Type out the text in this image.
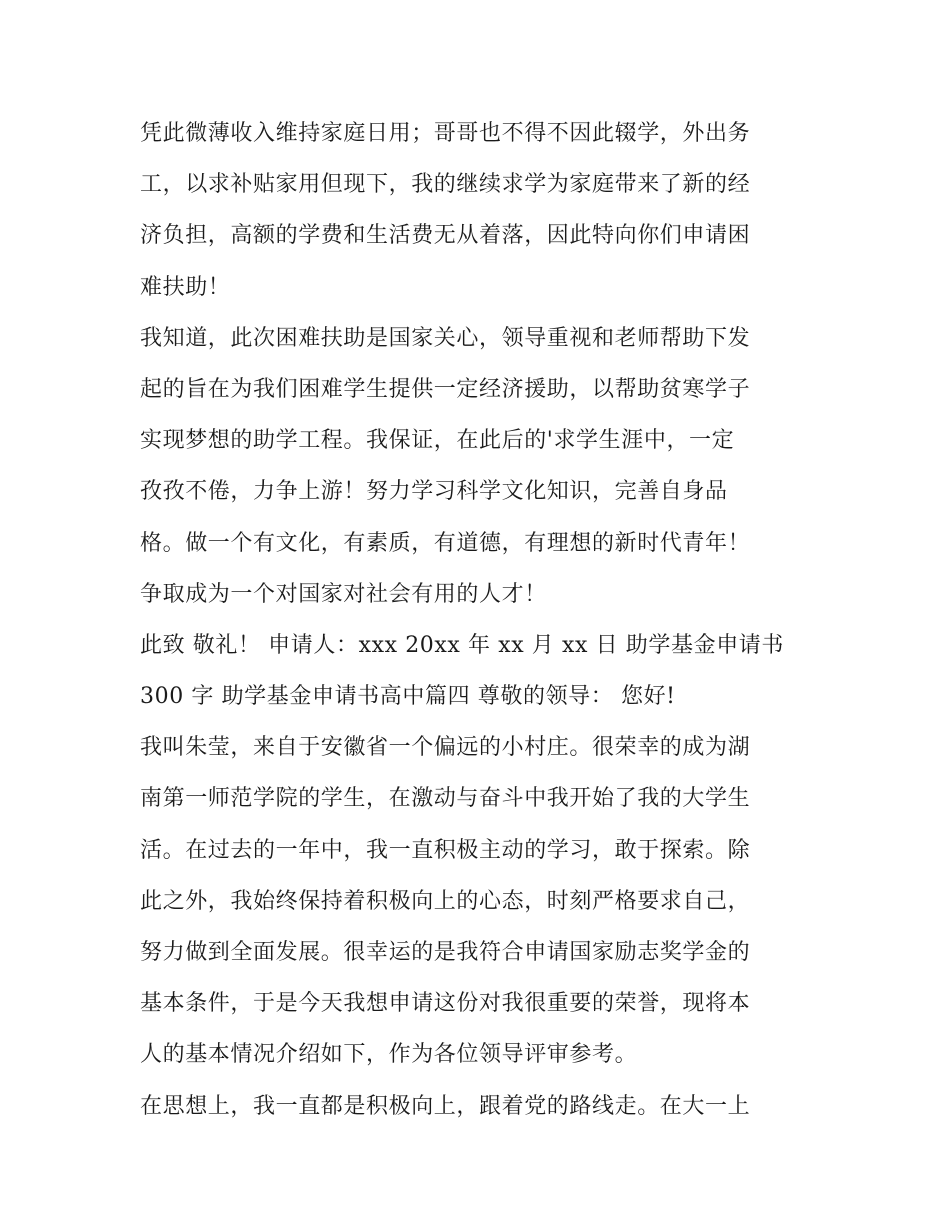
凭此微薄收入维持家庭日用；哥哥也不得不因此辍学，外出务
工，以求补贴家用但现下，我的继续求学为家庭带来了新的经
济负担，高额的学费和生活费无从着落，因此特向你们申请困
难扶助！
我知道，此次困难扶助是国家关心，领导重视和老师帮助下发
起的旨在为我们困难学生提供一定经济援助，以帮助贫寒学子
实现梦想的助学工程。我保证，在此后的'求学生涯中，一定
孜孜不倦，力争上游！努力学习科学文化知识，完善自身品
格。做一个有文化，有素质，有道德，有理想的新时代青年！
争取成为一个对国家对社会有用的人才！
此致 敬礼！ 申请人：xxx 20xx 年 xx 月 xx 日 助学基金申请书
300 字 助学基金申请书高中篇四 尊敬的领导： 您好!
我叫朱莹，来自于安徽省一个偏远的小村庄。很荣幸的成为湖
南第一师范学院的学生，在激动与奋斗中我开始了我的大学生
活。在过去的一年中，我一直积极主动的学习，敢于探索。除
此之外，我始终保持着积极向上的心态，时刻严格要求自己，
努力做到全面发展。很幸运的是我符合申请国家励志奖学金的
基本条件，于是今天我想申请这份对我很重要的荣誉，现将本
人的基本情况介绍如下，作为各位领导评审参考。
在思想上，我一直都是积极向上，跟着党的路线走。在大一上
